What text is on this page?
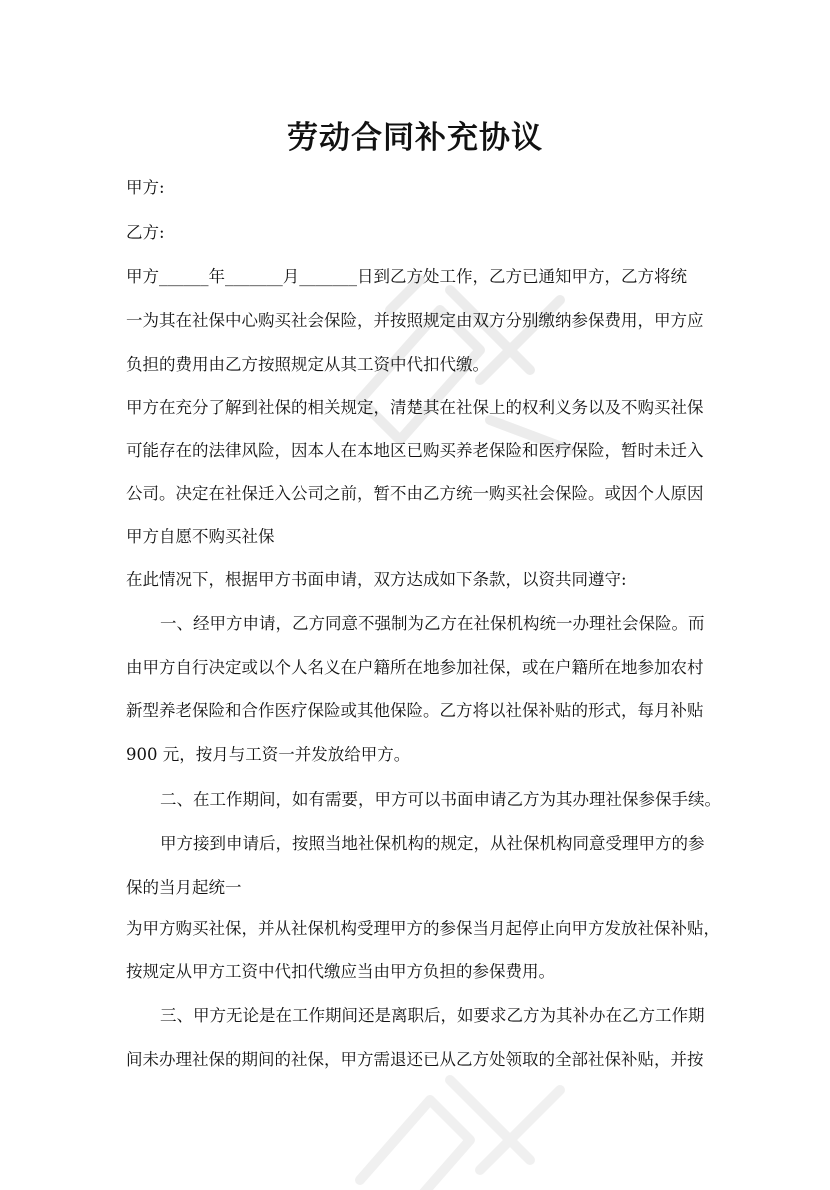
劳动合同补充协议
甲方:
乙方:
甲方______年_______月_______日到乙方处工作，乙方已通知甲方，乙方将统
一为其在社保中心购买社会保险，并按照规定由双方分别缴纳参保费用，甲方应
负担的费用由乙方按照规定从其工资中代扣代缴。
甲方在充分了解到社保的相关规定，清楚其在社保上的权利义务以及不购买社保
可能存在的法律风险，因本人在本地区已购买养老保险和医疗保险，暂时未迁入
公司。决定在社保迁入公司之前，暂不由乙方统一购买社会保险。或因个人原因
甲方自愿不购买社保
在此情况下，根据甲方书面申请，双方达成如下条款，以资共同遵守:
一、经甲方申请，乙方同意不强制为乙方在社保机构统一办理社会保险。而
由甲方自行决定或以个人名义在户籍所在地参加社保，或在户籍所在地参加农村
新型养老保险和合作医疗保险或其他保险。乙方将以社保补贴的形式，每月补贴
900 元，按月与工资一并发放给甲方。
二、在工作期间，如有需要，甲方可以书面申请乙方为其办理社保参保手续。
甲方接到申请后，按照当地社保机构的规定，从社保机构同意受理甲方的参
保的当月起统一
为甲方购买社保，并从社保机构受理甲方的参保当月起停止向甲方发放社保补贴，
按规定从甲方工资中代扣代缴应当由甲方负担的参保费用。
三、甲方无论是在工作期间还是离职后，如要求乙方为其补办在乙方工作期
间未办理社保的期间的社保，甲方需退还已从乙方处领取的全部社保补贴，并按
